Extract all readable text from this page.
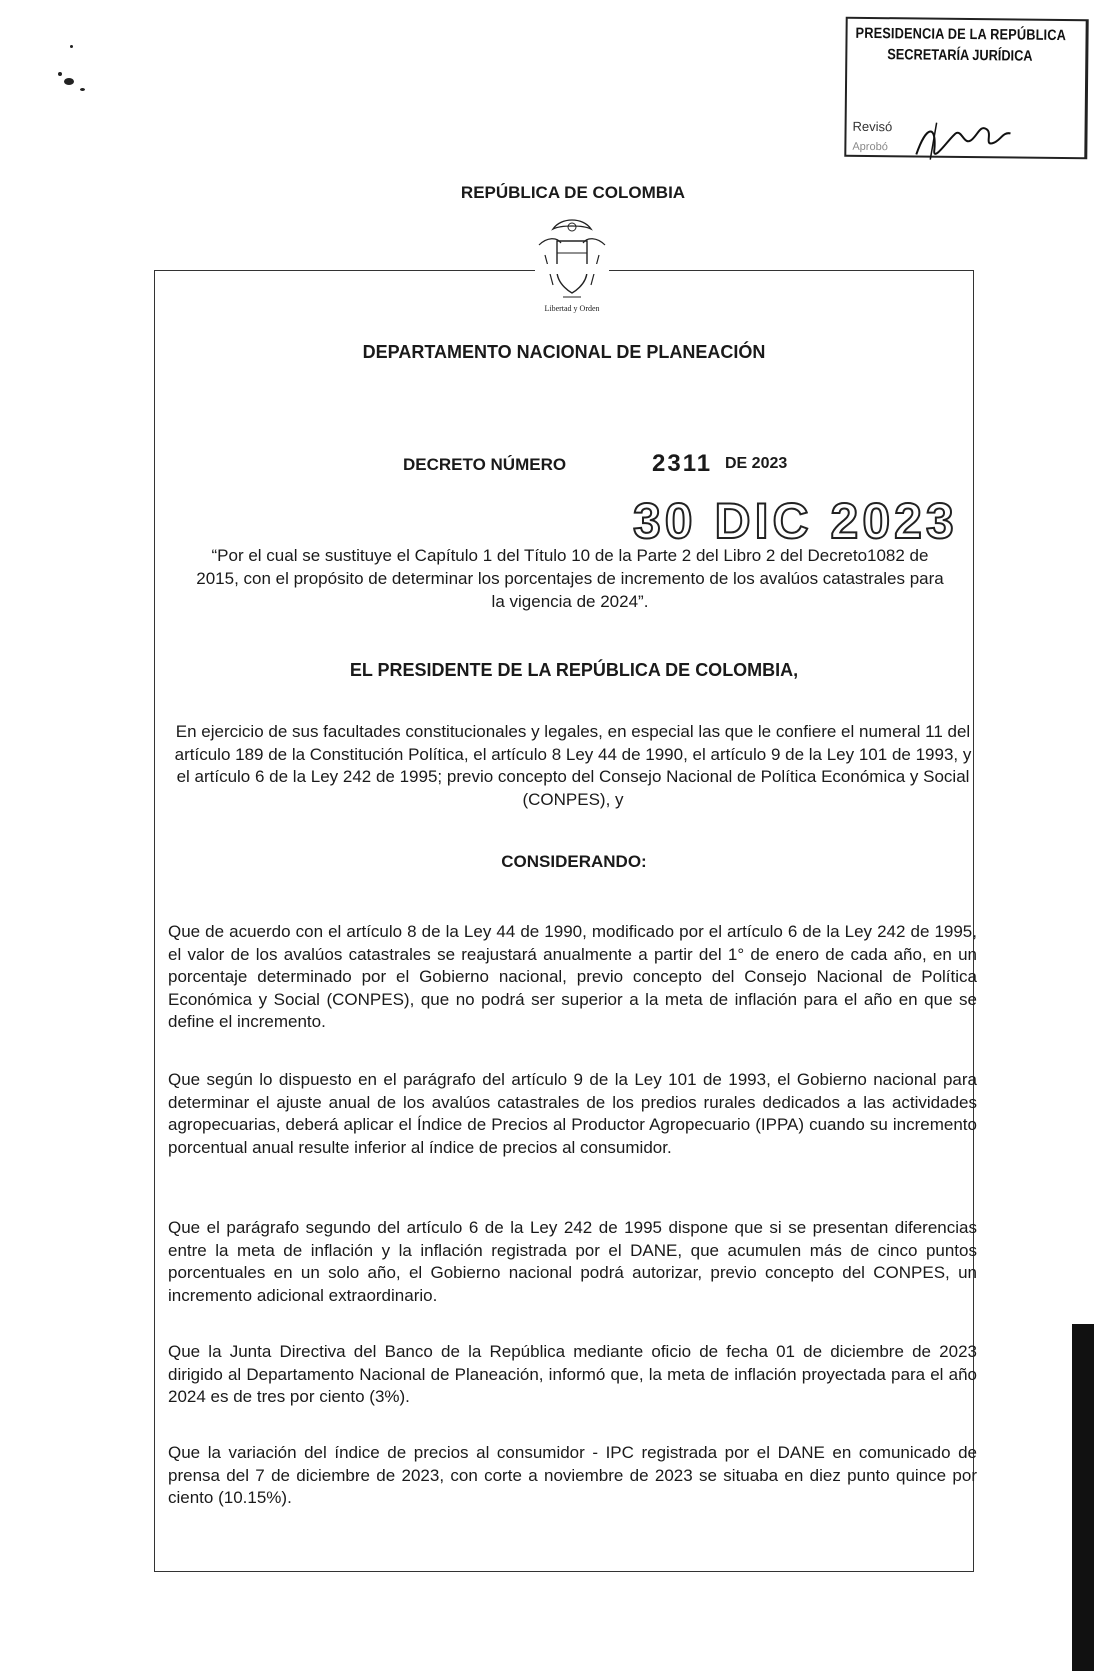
PRESIDENCIA DE LA REPÚBLICA
SECRETARÍA JURÍDICA
Revisó
Aprobó
REPÚBLICA DE COLOMBIA
Libertad y Orden
DEPARTAMENTO NACIONAL DE PLANEACIÓN
DECRETO NÚMERO	2311 DE 2023
30 DIC 2023
“Por el cual se sustituye el Capítulo 1 del Título 10 de la Parte 2 del Libro 2 del Decreto1082 de 2015, con el propósito de determinar los porcentajes de incremento de los avalúos catastrales para la vigencia de 2024”.
EL PRESIDENTE DE LA REPÚBLICA DE COLOMBIA,
En ejercicio de sus facultades constitucionales y legales, en especial las que le confiere el numeral 11 del artículo 189 de la Constitución Política, el artículo 8 Ley 44 de 1990, el artículo 9 de la Ley 101 de 1993, y el artículo 6 de la Ley 242 de 1995; previo concepto del Consejo Nacional de Política Económica y Social (CONPES), y
CONSIDERANDO:
Que de acuerdo con el artículo 8 de la Ley 44 de 1990, modificado por el artículo 6 de la Ley 242 de 1995, el valor de los avalúos catastrales se reajustará anualmente a partir del 1° de enero de cada año, en un porcentaje determinado por el Gobierno nacional, previo concepto del Consejo Nacional de Política Económica y Social (CONPES), que no podrá ser superior a la meta de inflación para el año en que se define el incremento.
Que según lo dispuesto en el parágrafo del artículo 9 de la Ley 101 de 1993, el Gobierno nacional para determinar el ajuste anual de los avalúos catastrales de los predios rurales dedicados a las actividades agropecuarias, deberá aplicar el Índice de Precios al Productor Agropecuario (IPPA) cuando su incremento porcentual anual resulte inferior al índice de precios al consumidor.
Que el parágrafo segundo del artículo 6 de la Ley 242 de 1995 dispone que si se presentan diferencias entre la meta de inflación y la inflación registrada por el DANE, que acumulen más de cinco puntos porcentuales en un solo año, el Gobierno nacional podrá autorizar, previo concepto del CONPES, un incremento adicional extraordinario.
Que la Junta Directiva del Banco de la República mediante oficio de fecha 01 de diciembre de 2023 dirigido al Departamento Nacional de Planeación, informó que, la meta de inflación proyectada para el año 2024 es de tres por ciento (3%).
Que la variación del índice de precios al consumidor - IPC registrada por el DANE en comunicado de prensa del 7 de diciembre de 2023, con corte a noviembre de 2023 se situaba en diez punto quince por ciento (10.15%).
